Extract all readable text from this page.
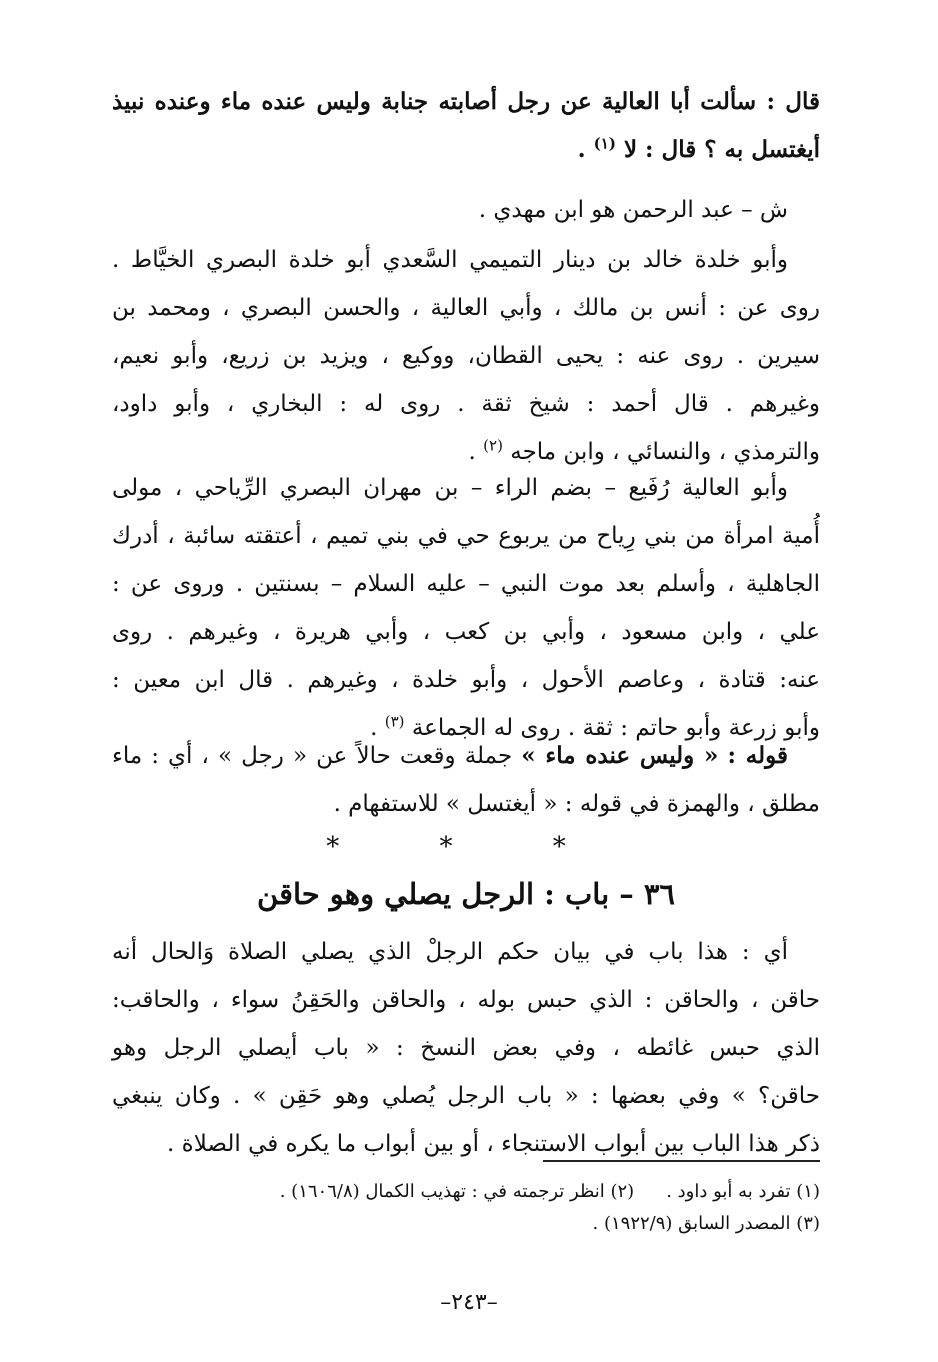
قال : سألت أبا العالية عن رجل أصابته جنابة وليس عنده ماء وعنده نبيذ
أيغتسل به ؟ قال : لا $^{(١)}$ .
ش – عبد الرحمن هو ابن مهدي .
وأبو خلدة خالد بن دينار التميمي السَّعدي أبو خلدة البصري الخيَّاط .
روى عن : أنس بن مالك ، وأبي العالية ، والحسن البصري ، ومحمد بن
سيرين . روى عنه : يحيى القطان، ووكيع ، ويزيد بن زريع، وأبو نعيم،
وغيرهم . قال أحمد : شيخ ثقة . روى له : البخاري ، وأبو داود،
والترمذي ، والنسائي ، وابن ماجه $^{(٢)}$ .
وأبو العالية رُفَيع – بضم الراء – بن مهران البصري الرِّياحي ، مولى
أُمية امرأة من بني رِياح من يربوع حي في بني تميم ، أعتقته سائبة ، أدرك
الجاهلية ، وأسلم بعد موت النبي – عليه السلام – بسنتين . وروى عن :
علي ، وابن مسعود ، وأبي بن كعب ، وأبي هريرة ، وغيرهم . روى
عنه: قتادة ، وعاصم الأحول ، وأبو خلدة ، وغيرهم . قال ابن معين :
وأبو زرعة وأبو حاتم : ثقة . روى له الجماعة $^{(٣)}$ .
قوله : « وليس عنده ماء » جملة وقعت حالاً عن « رجل » ، أي : ماء
مطلق ، والهمزة في قوله : « أيغتسل » للاستفهام .
* * *
٣٦ – باب : الرجل يصلي وهو حاقن
أي : هذا باب في بيان حكم الرجلْ الذي يصلي الصلاة وَالحال أنه
حاقن ، والحاقن : الذي حبس بوله ، والحاقن والحَقِنُ سواء ، والحاقب:
الذي حبس غائطه ، وفي بعض النسخ : « باب أيصلي الرجل وهو
حاقن؟ » وفي بعضها : « باب الرجل يُصلي وهو حَقِن » . وكان ينبغي
ذكر هذا الباب بين أبواب الاستنجاء ، أو بين أبواب ما يكره في الصلاة .
(١) تفرد به أبو داود .(٢) انظر ترجمته في : تهذيب الكمال (١٦٠٦/٨) .
(٣) المصدر السابق (١٩٢٢/٩) .
–٢٤٣–
